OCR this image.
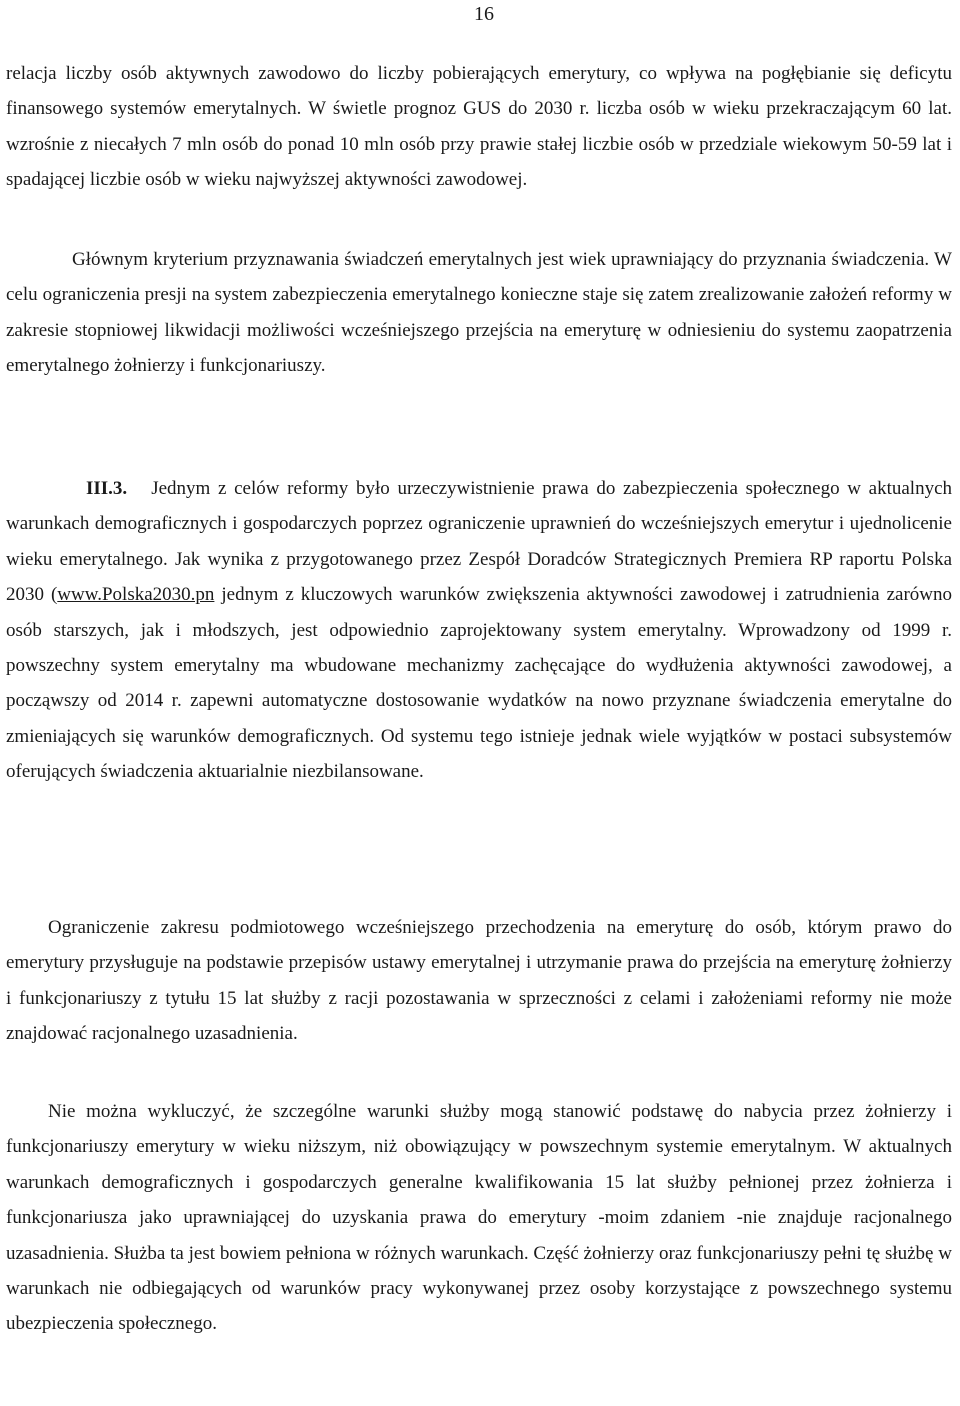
16

relacja liczby osób aktywnych zawodowo do liczby pobierających emerytury, co wpływa na pogłębianie się deficytu finansowego systemów emerytalnych. W świetle prognoz GUS do 2030 r. liczba osób w wieku przekraczającym 60 lat. wzrośnie z niecałych 7 mln osób do ponad 10 mln osób przy prawie stałej liczbie osób w przedziale wiekowym 50-59 lat i spadającej liczbie osób w wieku najwyższej aktywności zawodowej.

Głównym kryterium przyznawania świadczeń emerytalnych jest wiek uprawniający do przyznania świadczenia. W celu ograniczenia presji na system zabezpieczenia emerytalnego konieczne staje się zatem zrealizowanie założeń reformy w zakresie stopniowej likwidacji możliwości wcześniejszego przejścia na emeryturę w odniesieniu do systemu zaopatrzenia emerytalnego żołnierzy i funkcjonariuszy.

III.3. Jednym z celów reformy było urzeczywistnienie prawa do zabezpieczenia społecznego w aktualnych warunkach demograficznych i gospodarczych poprzez ograniczenie uprawnień do wcześniejszych emerytur i ujednolicenie wieku emerytalnego. Jak wynika z przygotowanego przez Zespół Doradców Strategicznych Premiera RP raportu Polska 2030 (www.Polska2030.pn jednym z kluczowych warunków zwiększenia aktywności zawodowej i zatrudnienia zarówno osób starszych, jak i młodszych, jest odpowiednio zaprojektowany system emerytalny. Wprowadzony od 1999 r. powszechny system emerytalny ma wbudowane mechanizmy zachęcające do wydłużenia aktywności zawodowej, a począwszy od 2014 r. zapewni automatyczne dostosowanie wydatków na nowo przyznane świadczenia emerytalne do zmieniających się warunków demograficznych. Od systemu tego istnieje jednak wiele wyjątków w postaci subsystemów oferujących świadczenia aktuarialnie niezbilansowane.

Ograniczenie zakresu podmiotowego wcześniejszego przechodzenia na emeryturę do osób, którym prawo do emerytury przysługuje na podstawie przepisów ustawy emerytalnej i utrzymanie prawa do przejścia na emeryturę żołnierzy i funkcjonariuszy z tytułu 15 lat służby z racji pozostawania w sprzeczności z celami i założeniami reformy nie może znajdować racjonalnego uzasadnienia.

Nie można wykluczyć, że szczególne warunki służby mogą stanowić podstawę do nabycia przez żołnierzy i funkcjonariuszy emerytury w wieku niższym, niż obowiązujący w powszechnym systemie emerytalnym. W aktualnych warunkach demograficznych i gospodarczych generalne kwalifikowania 15 lat służby pełnionej przez żołnierza i funkcjonariusza jako uprawniającej do uzyskania prawa do emerytury -moim zdaniem -nie znajduje racjonalnego uzasadnienia. Służba ta jest bowiem pełniona w różnych warunkach. Część żołnierzy oraz funkcjonariuszy pełni tę służbę w warunkach nie odbiegających od warunków pracy wykonywanej przez osoby korzystające z powszechnego systemu ubezpieczenia społecznego.
